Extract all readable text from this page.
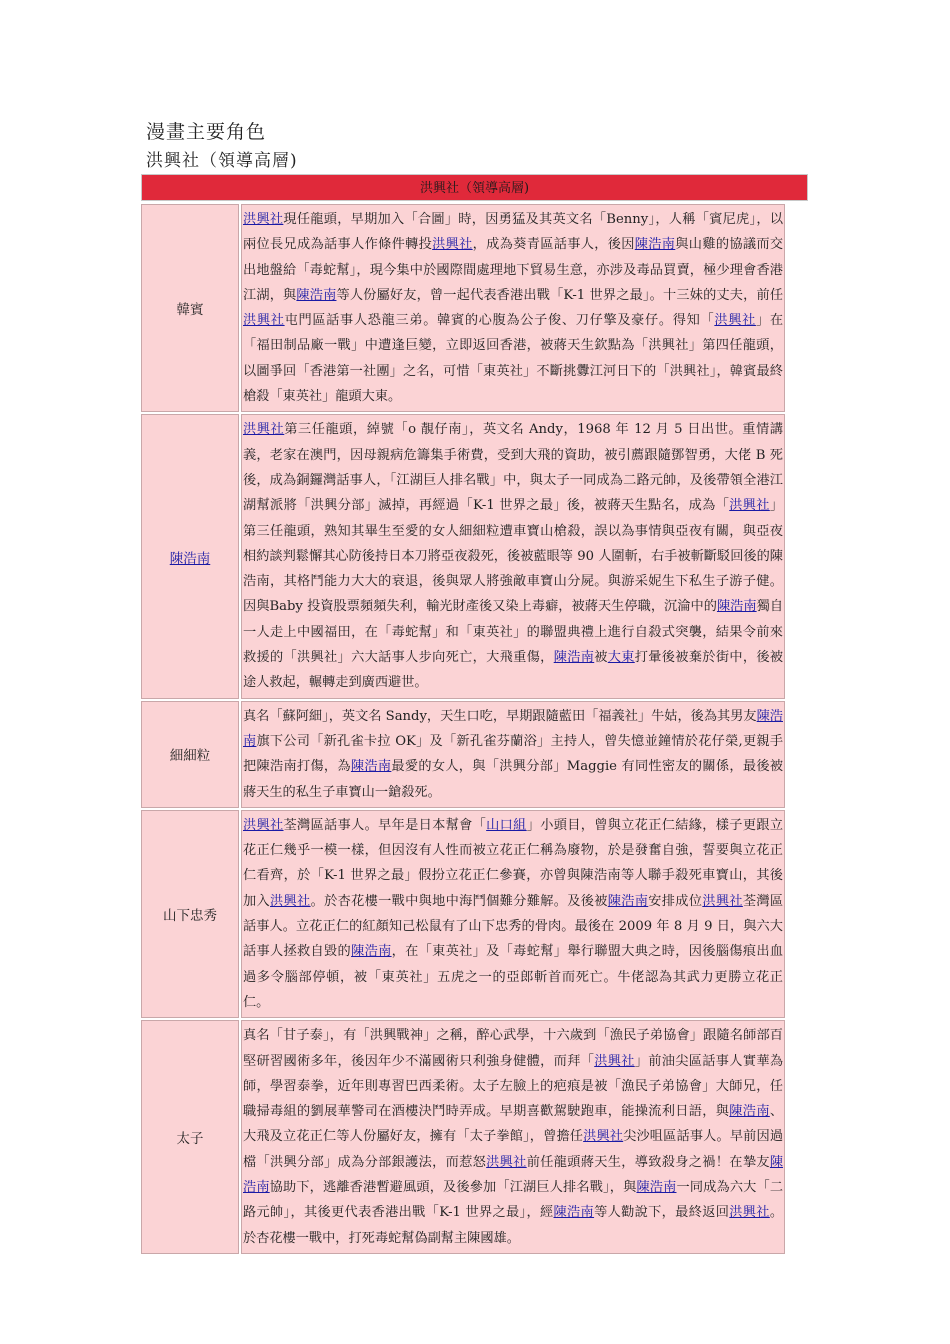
漫畫主要角色
洪興社（領導高層)
洪興社（領導高層)
韓賓	洪興社現任龍頭，早期加入「合圖」時，因勇猛及其英文名「Benny」，人稱「賓尼虎」，以兩位長兄成為話事人作條件轉投洪興社，成為葵青區話事人，後因陳浩南與山雞的協議而交出地盤給「毒蛇幫」，現今集中於國際間處理地下貿易生意，亦涉及毒品買賣，極少理會香港江湖，與陳浩南等人份屬好友，曾一起代表香港出戰「K-1 世界之最」。十三妹的丈夫，前任洪興社屯門區話事人恐龍三弟。韓賓的心腹為公子俊、刀仔擎及豪仔。得知「洪興社」在「福田制品廠一戰」中遭逢巨變，立即返回香港，被蔣天生欽點為「洪興社」第四任龍頭，以圖爭回「香港第一社團」之名，可惜「東英社」不斷挑釁江河日下的「洪興社」，韓賓最終槍殺「東英社」龍頭大東。
陳浩南	洪興社第三任龍頭，綽號「o 靚仔南」，英文名 Andy，1968 年 12 月 5 日出世。重情講義，老家在澳門，因母親病危籌集手術費，受到大飛的資助，被引薦跟隨鄧智勇，大佬 B 死後，成為銅鑼灣話事人，「江湖巨人排名戰」中，與太子一同成為二路元帥，及後帶領全港江湖幫派將「洪興分部」滅掉，再經過「K-1 世界之最」後，被蔣天生點名，成為「洪興社」第三任龍頭，熟知其畢生至愛的女人細細粒遭車寶山槍殺，誤以為事情與亞夜有關，與亞夜相約談判鬆懈其心防後持日本刀將亞夜殺死，後被藍眼等 90 人圍斬，右手被斬斷駁回後的陳浩南，其格鬥能力大大的衰退，後與眾人將強敵車寶山分屍。與游采妮生下私生子游子健。因與Baby 投資股票頻頻失利，輸光財產後又染上毒癖，被蔣天生停職，沉淪中的陳浩南獨自一人走上中國福田，在「毒蛇幫」和「東英社」的聯盟典禮上進行自殺式突襲，結果令前來救援的「洪興社」六大話事人步向死亡，大飛重傷，陳浩南被大東打暈後被棄於街中，後被途人救起，輾轉走到廣西避世。
細細粒	真名「蘇阿細」，英文名 Sandy，天生口吃，早期跟隨藍田「福義社」牛姑，後為其男友陳浩南旗下公司「新孔雀卡拉 OK」及「新孔雀芬蘭浴」主持人，曾失憶並鐘情於花仔榮,更親手把陳浩南打傷，為陳浩南最愛的女人，與「洪興分部」Maggie 有同性密友的關係，最後被蔣天生的私生子車寶山一鎗殺死。
山下忠秀	洪興社荃灣區話事人。早年是日本幫會「山口組」小頭目，曾與立花正仁結緣，樣子更跟立花正仁幾乎一模一樣，但因沒有人性而被立花正仁稱為廢物，於是發奮自強，誓要與立花正仁看齊，於「K-1 世界之最」假扮立花正仁參賽，亦曾與陳浩南等人聯手殺死車寶山，其後加入洪興社。於杏花樓一戰中與地中海鬥個難分難解。及後被陳浩南安排成位洪興社荃灣區話事人。立花正仁的紅顏知己松鼠有了山下忠秀的骨肉。最後在 2009 年 8 月 9 日，與六大話事人拯救自毀的陳浩南，在「東英社」及「毒蛇幫」舉行聯盟大典之時，因後腦傷痕出血過多令腦部停頓，被「東英社」五虎之一的亞郎斬首而死亡。牛佬認為其武力更勝立花正仁。
太子	真名「甘子泰」，有「洪興戰神」之稱，醉心武學，十六歲到「漁民子弟協會」跟隨名師部百堅研習國術多年，後因年少不滿國術只利強身健體，而拜「洪興社」前油尖區話事人實華為師，學習泰拳，近年則專習巴西柔術。太子左臉上的疤痕是被「漁民子弟協會」大師兄，任職掃毒組的劉展華警司在酒樓決鬥時弄成。早期喜歡駕駛跑車，能操流利日語，與陳浩南、大飛及立花正仁等人份屬好友，擁有「太子拳館」，曾擔任洪興社尖沙咀區話事人。早前因過檔「洪興分部」成為分部銀護法，而惹怒洪興社前任龍頭蔣天生，導致殺身之禍！在摯友陳浩南協助下，逃離香港暫避風頭，及後參加「江湖巨人排名戰」，與陳浩南一同成為六大「二路元帥」，其後更代表香港出戰「K-1 世界之最」，經陳浩南等人勸說下，最終返回洪興社。於杏花樓一戰中，打死毒蛇幫偽副幫主陳國雄。
